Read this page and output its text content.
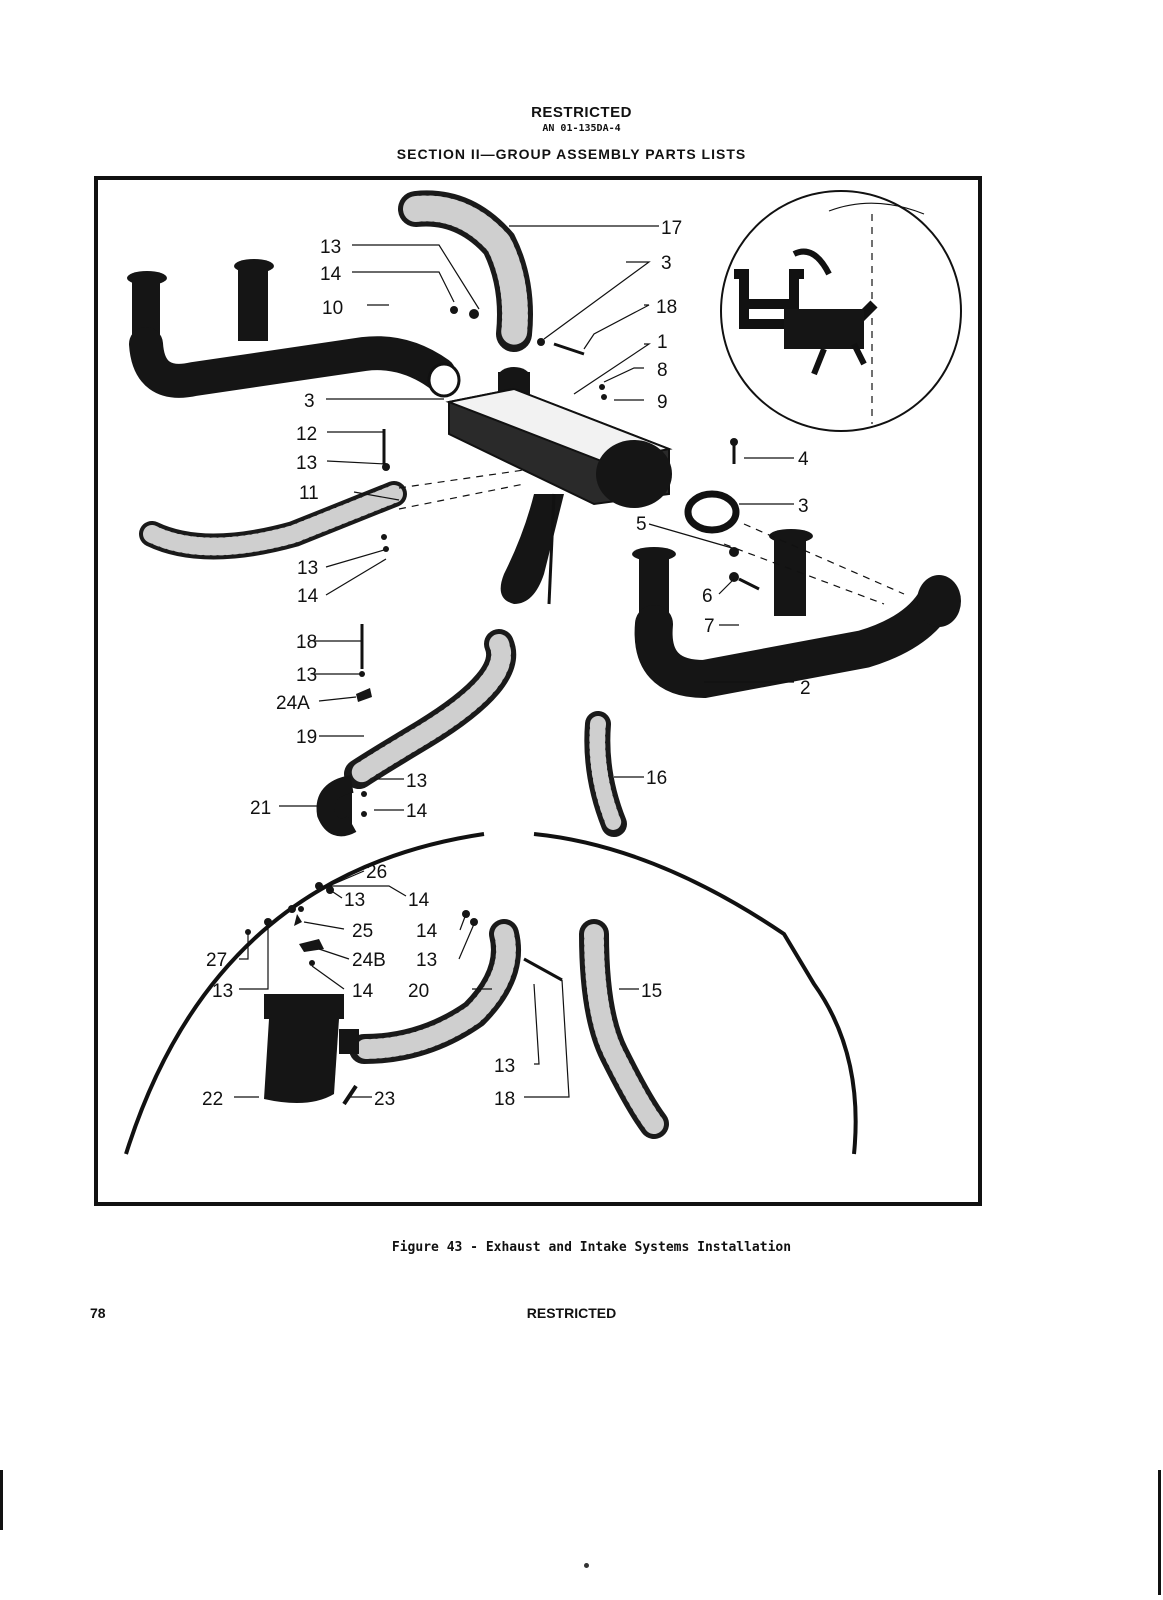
RESTRICTED
AN 01-135DA-4
SECTION II—GROUP ASSEMBLY PARTS LISTS
17
13
3
14
18
10
1
8
9
3
12
13	4
11
3
5
13
14	6
7
18
2
13
24A
19
16
13
21	14
26
13 14
25 14
27	24B 13
13	14 20	15
13
22	23	18
Figure 43 - Exhaust and Intake Systems Installation
78	RESTRICTED
